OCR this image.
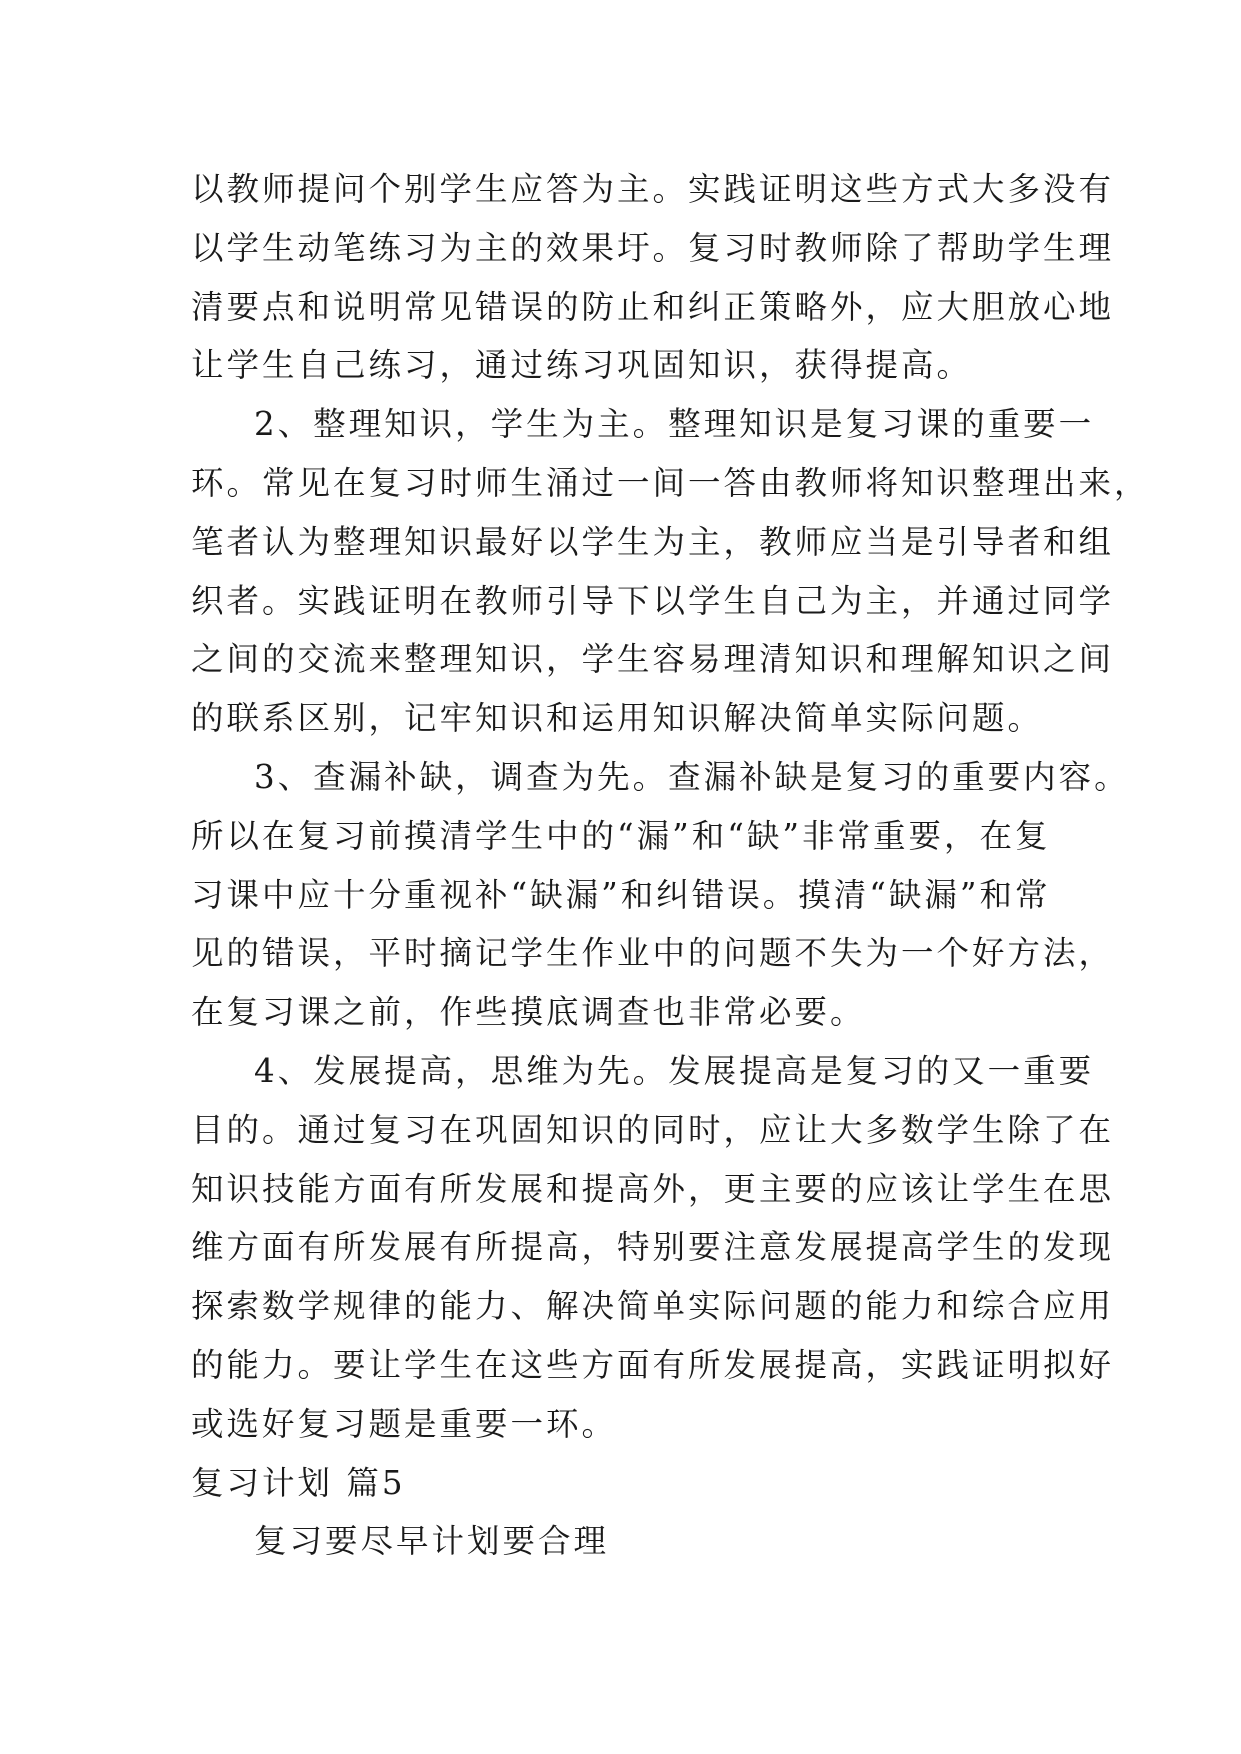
以教师提问个别学生应答为主。实践证明这些方式大多没有
以学生动笔练习为主的效果圩。复习时教师除了帮助学生理
清要点和说明常见错误的防止和纠正策略外，应大胆放心地
让学生自己练习，通过练习巩固知识，获得提高。
2、整理知识，学生为主。整理知识是复习课的重要一
环。常见在复习时师生涌过一间一答由教师将知识整理出来，
笔者认为整理知识最好以学生为主，教师应当是引导者和组
织者。实践证明在教师引导下以学生自己为主，并通过同学
之间的交流来整理知识，学生容易理清知识和理解知识之间
的联系区别，记牢知识和运用知识解决简单实际问题。
3、查漏补缺，调查为先。查漏补缺是复习的重要内容。
所以在复习前摸清学生中的“漏”和“缺”非常重要，在复
习课中应十分重视补“缺漏”和纠错误。摸清“缺漏”和常
见的错误，平时摘记学生作业中的问题不失为一个好方法，
在复习课之前，作些摸底调查也非常必要。
4、发展提高，思维为先。发展提高是复习的又一重要
目的。通过复习在巩固知识的同时，应让大多数学生除了在
知识技能方面有所发展和提高外，更主要的应该让学生在思
维方面有所发展有所提高，特别要注意发展提高学生的发现
探索数学规律的能力、解决简单实际问题的能力和综合应用
的能力。要让学生在这些方面有所发展提高，实践证明拟好
或选好复习题是重要一环。
复习计划 篇5
复习要尽早计划要合理
